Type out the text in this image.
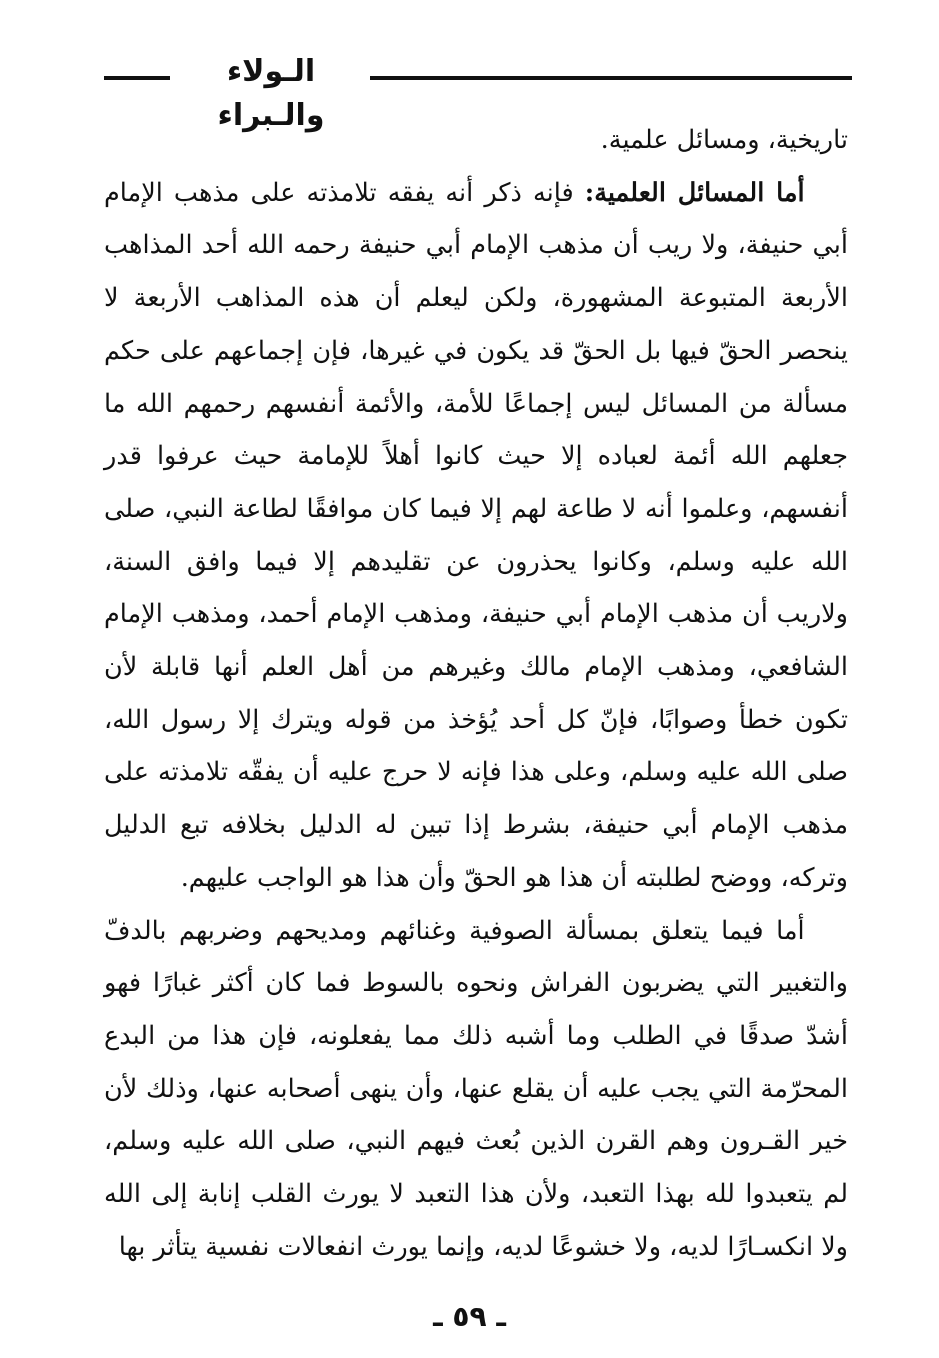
الـولاء والـبراء

تاريخية، ومسائل علمية.

أما المسائل العلمية: فإنه ذكر أنه يفقه تلامذته على مذهب الإمام أبي حنيفة، ولا ريب أن مذهب الإمام أبي حنيفة رحمه الله أحد المذاهب الأربعة المتبوعة المشهورة، ولكن ليعلم أن هذه المذاهب الأربعة لا ينحصر الحقّ فيها بل الحقّ قد يكون في غيرها، فإن إجماعهم على حكم مسألة من المسائل ليس إجماعًا للأمة، والأئمة أنفسهم رحمهم الله ما جعلهم الله أئمة لعباده إلا حيث كانوا أهلاً للإمامة حيث عرفوا قدر أنفسهم، وعلموا أنه لا طاعة لهم إلا فيما كان موافقًا لطاعة النبي، صلى الله عليه وسلم، وكانوا يحذرون عن تقليدهم إلا فيما وافق السنة، ولاريب أن مذهب الإمام أبي حنيفة، ومذهب الإمام أحمد، ومذهب الإمام الشافعي، ومذهب الإمام مالك وغيرهم من أهل العلم أنها قابلة لأن تكون خطأ وصوابًا، فإنّ كل أحد يُؤخذ من قوله ويترك إلا رسول الله، صلى الله عليه وسلم، وعلى هذا فإنه لا حرج عليه أن يفقّه تلامذته على مذهب الإمام أبي حنيفة، بشرط إذا تبين له الدليل بخلافه تبع الدليل وتركه، ووضح لطلبته أن هذا هو الحقّ وأن هذا هو الواجب عليهم.

أما فيما يتعلق بمسألة الصوفية وغنائهم ومديحهم وضربهم بالدفّ والتغبير التي يضربون الفراش ونحوه بالسوط فما كان أكثر غبارًا فهو أشدّ صدقًا في الطلب وما أشبه ذلك مما يفعلونه، فإن هذا من البدع المحرّمة التي يجب عليه أن يقلع عنها، وأن ينهى أصحابه عنها، وذلك لأن خير القـرون وهم القرن الذين بُعث فيهم النبي، صلى الله عليه وسلم، لم يتعبدوا لله بهذا التعبد، ولأن هذا التعبد لا يورث القلب إنابة إلى الله ولا انكسـارًا لديه، ولا خشوعًا لديه، وإنما يورث انفعالات نفسية يتأثر بها

ـ ٥٩ ـ
